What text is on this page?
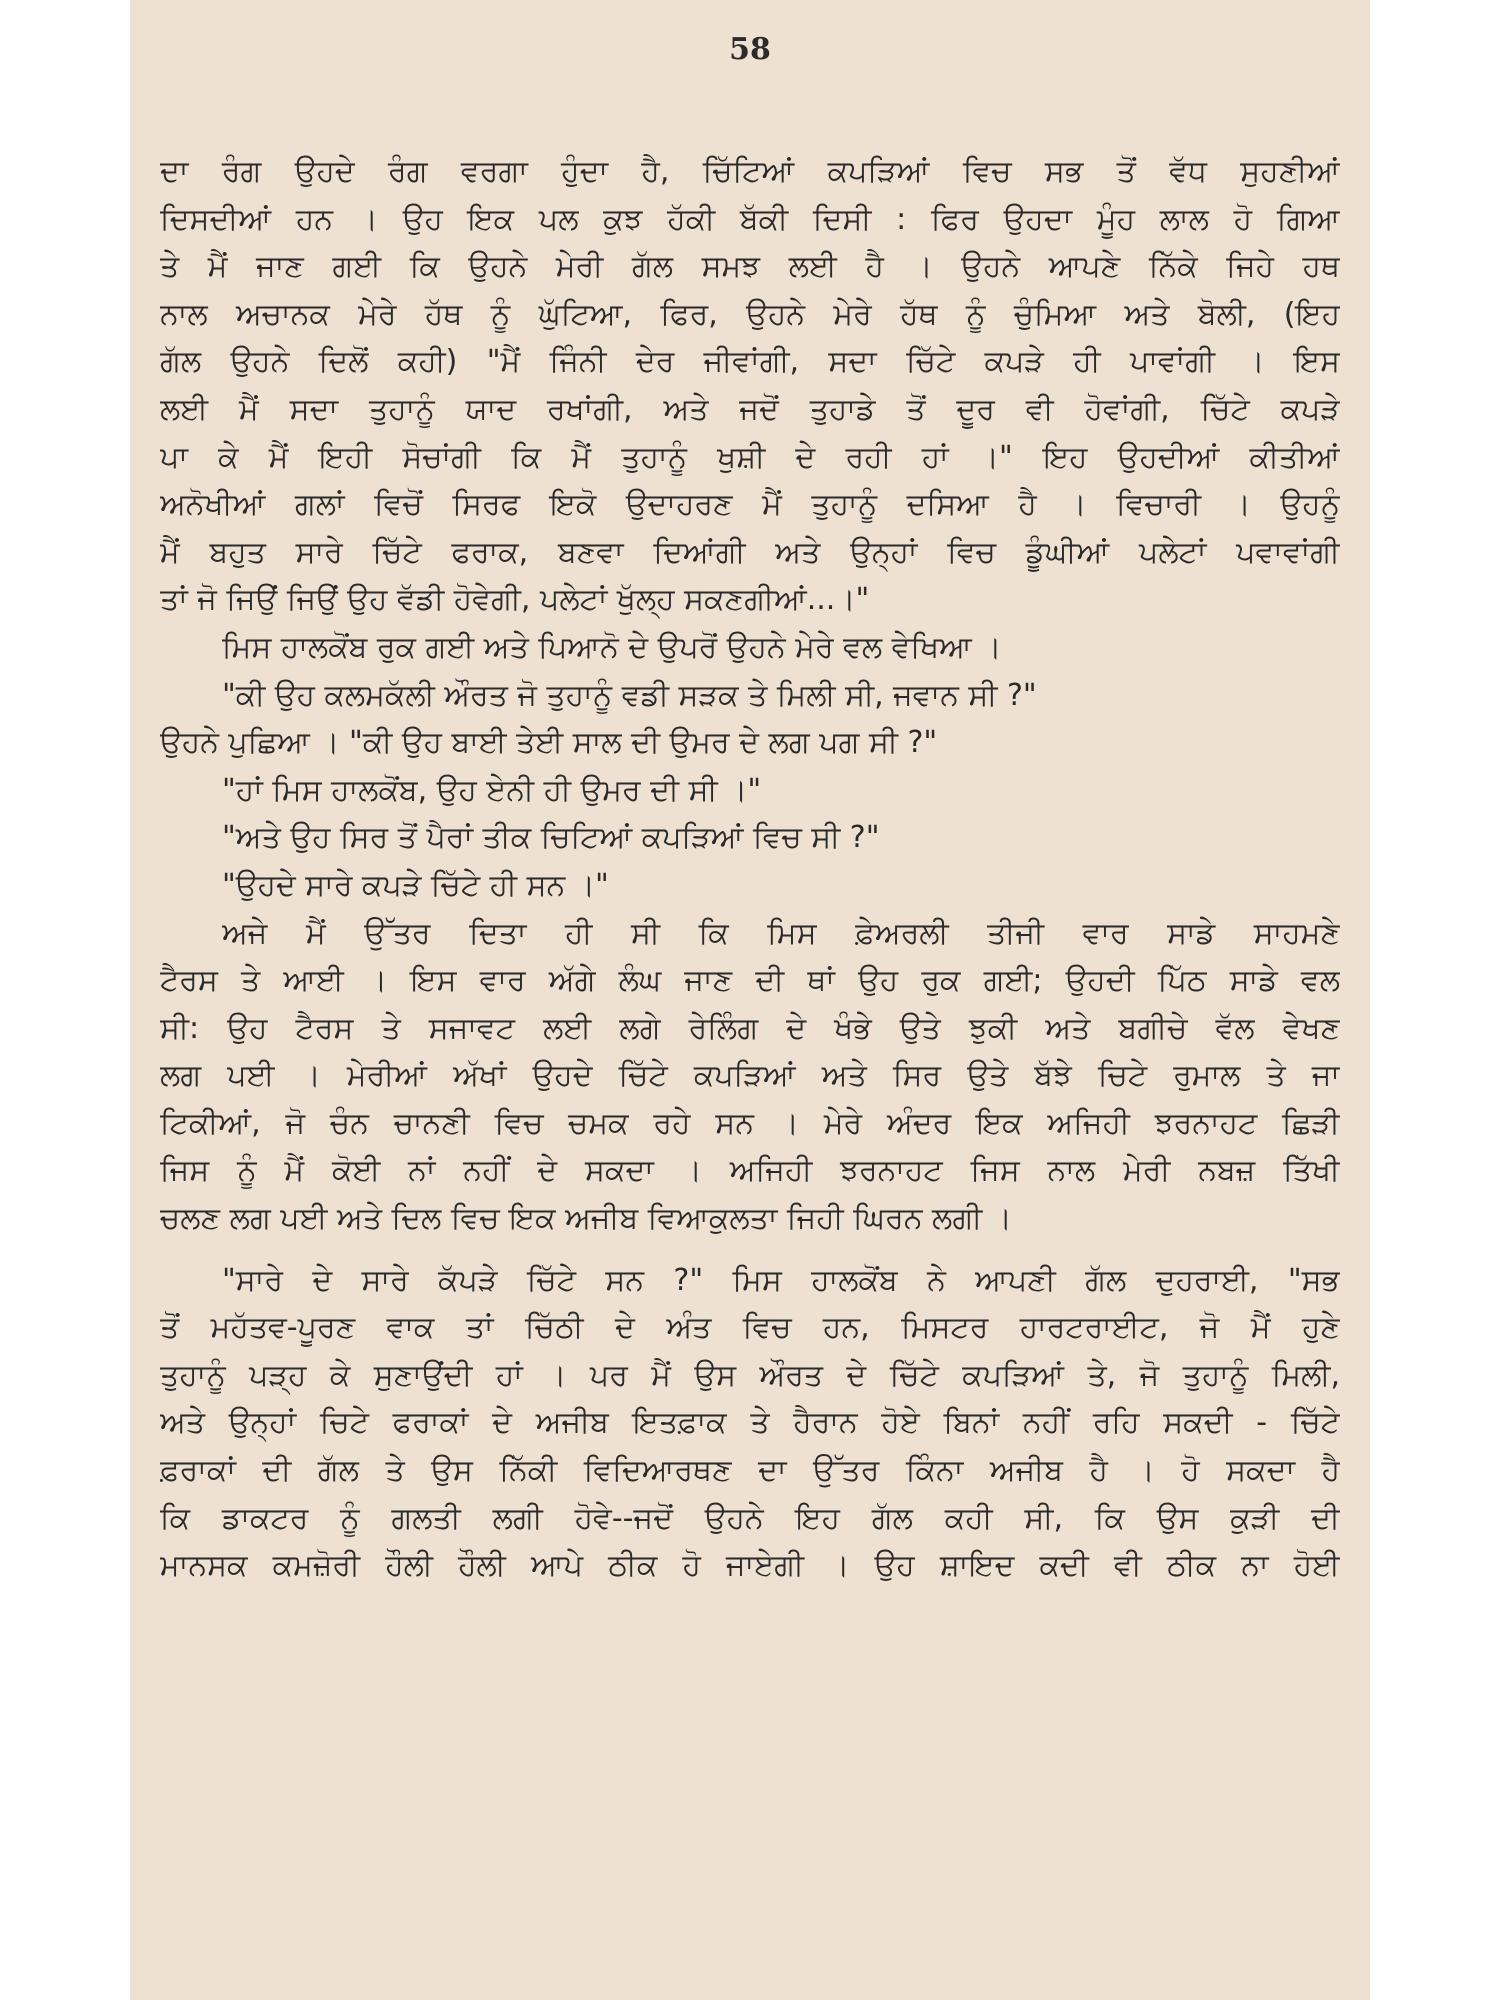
58
ਦਾ ਰੰਗ ਉਹਦੇ ਰੰਗ ਵਰਗਾ ਹੁੰਦਾ ਹੈ, ਚਿੱਟਿਆਂ ਕਪੜਿਆਂ ਵਿਚ ਸਭ ਤੋਂ ਵੱਧ ਸੁਹਣੀਆਂ
ਦਿਸਦੀਆਂ ਹਨ । ਉਹ ਇਕ ਪਲ ਕੁਝ ਹੱਕੀ ਬੱਕੀ ਦਿਸੀ : ਫਿਰ ਉਹਦਾ ਮੂੰਹ ਲਾਲ ਹੋ ਗਿਆ
ਤੇ ਮੈਂ ਜਾਣ ਗਈ ਕਿ ਉਹਨੇ ਮੇਰੀ ਗੱਲ ਸਮਝ ਲਈ ਹੈ । ਉਹਨੇ ਆਪਣੇ ਨਿੱਕੇ ਜਿਹੇ ਹਥ
ਨਾਲ ਅਚਾਨਕ ਮੇਰੇ ਹੱਥ ਨੂੰ ਘੁੱਟਿਆ, ਫਿਰ, ਉਹਨੇ ਮੇਰੇ ਹੱਥ ਨੂੰ ਚੁੰਮਿਆ ਅਤੇ ਬੋਲੀ, (ਇਹ
ਗੱਲ ਉਹਨੇ ਦਿਲੋਂ ਕਹੀ) "ਮੈਂ ਜਿੰਨੀ ਦੇਰ ਜੀਵਾਂਗੀ, ਸਦਾ ਚਿੱਟੇ ਕਪੜੇ ਹੀ ਪਾਵਾਂਗੀ । ਇਸ
ਲਈ ਮੈਂ ਸਦਾ ਤੁਹਾਨੂੰ ਯਾਦ ਰਖਾਂਗੀ, ਅਤੇ ਜਦੋਂ ਤੁਹਾਡੇ ਤੋਂ ਦੂਰ ਵੀ ਹੋਵਾਂਗੀ, ਚਿੱਟੇ ਕਪੜੇ
ਪਾ ਕੇ ਮੈਂ ਇਹੀ ਸੋਚਾਂਗੀ ਕਿ ਮੈਂ ਤੁਹਾਨੂੰ ਖੁਸ਼ੀ ਦੇ ਰਹੀ ਹਾਂ ।" ਇਹ ਉਹਦੀਆਂ ਕੀਤੀਆਂ
ਅਨੋਖੀਆਂ ਗਲਾਂ ਵਿਚੋਂ ਸਿਰਫ ਇਕੋ ਉਦਾਹਰਣ ਮੈਂ ਤੁਹਾਨੂੰ ਦਸਿਆ ਹੈ । ਵਿਚਾਰੀ । ਉਹਨੂੰ
ਮੈਂ ਬਹੁਤ ਸਾਰੇ ਚਿੱਟੇ ਫਰਾਕ, ਬਣਵਾ ਦਿਆਂਗੀ ਅਤੇ ਉਨ੍ਹਾਂ ਵਿਚ ਡੂੰਘੀਆਂ ਪਲੇਟਾਂ ਪਵਾਵਾਂਗੀ
ਤਾਂ ਜੋ ਜਿਉਂ ਜਿਉਂ ਉਹ ਵੱਡੀ ਹੋਵੇਗੀ, ਪਲੇਟਾਂ ਖੁੱਲ੍ਹ ਸਕਣਗੀਆਂ...।"
ਮਿਸ ਹਾਲਕੋਂਬ ਰੁਕ ਗਈ ਅਤੇ ਪਿਆਨੋ ਦੇ ਉਪਰੋਂ ਉਹਨੇ ਮੇਰੇ ਵਲ ਵੇਖਿਆ ।
"ਕੀ ਉਹ ਕਲਮਕੱਲੀ ਔਰਤ ਜੋ ਤੁਹਾਨੂੰ ਵਡੀ ਸੜਕ ਤੇ ਮਿਲੀ ਸੀ, ਜਵਾਨ ਸੀ ?"
ਉਹਨੇ ਪੁਛਿਆ । "ਕੀ ਉਹ ਬਾਈ ਤੇਈ ਸਾਲ ਦੀ ਉਮਰ ਦੇ ਲਗ ਪਗ ਸੀ ?"
"ਹਾਂ ਮਿਸ ਹਾਲਕੋਂਬ, ਉਹ ਏਨੀ ਹੀ ਉਮਰ ਦੀ ਸੀ ।"
"ਅਤੇ ਉਹ ਸਿਰ ਤੋਂ ਪੈਰਾਂ ਤੀਕ ਚਿਟਿਆਂ ਕਪੜਿਆਂ ਵਿਚ ਸੀ ?"
"ਉਹਦੇ ਸਾਰੇ ਕਪੜੇ ਚਿੱਟੇ ਹੀ ਸਨ ।"
ਅਜੇ ਮੈਂ ਉੱਤਰ ਦਿਤਾ ਹੀ ਸੀ ਕਿ ਮਿਸ ਫ਼ੇਅਰਲੀ ਤੀਜੀ ਵਾਰ ਸਾਡੇ ਸਾਹਮਣੇ
ਟੈਰਸ ਤੇ ਆਈ । ਇਸ ਵਾਰ ਅੱਗੇ ਲੰਘ ਜਾਣ ਦੀ ਥਾਂ ਉਹ ਰੁਕ ਗਈ; ਉਹਦੀ ਪਿੱਠ ਸਾਡੇ ਵਲ
ਸੀ: ਉਹ ਟੈਰਸ ਤੇ ਸਜਾਵਟ ਲਈ ਲਗੇ ਰੇਲਿੰਗ ਦੇ ਖੰਭੇ ਉਤੇ ਝੁਕੀ ਅਤੇ ਬਗੀਚੇ ਵੱਲ ਵੇਖਣ
ਲਗ ਪਈ । ਮੇਰੀਆਂ ਅੱਖਾਂ ਉਹਦੇ ਚਿੱਟੇ ਕਪੜਿਆਂ ਅਤੇ ਸਿਰ ਉਤੇ ਬੱਝੇ ਚਿਟੇ ਰੁਮਾਲ ਤੇ ਜਾ
ਟਿਕੀਆਂ, ਜੋ ਚੰਨ ਚਾਨਣੀ ਵਿਚ ਚਮਕ ਰਹੇ ਸਨ । ਮੇਰੇ ਅੰਦਰ ਇਕ ਅਜਿਹੀ ਝਰਨਾਹਟ ਛਿੜੀ
ਜਿਸ ਨੂੰ ਮੈਂ ਕੋਈ ਨਾਂ ਨਹੀਂ ਦੇ ਸਕਦਾ । ਅਜਿਹੀ ਝਰਨਾਹਟ ਜਿਸ ਨਾਲ ਮੇਰੀ ਨਬਜ਼ ਤਿੱਖੀ
ਚਲਣ ਲਗ ਪਈ ਅਤੇ ਦਿਲ ਵਿਚ ਇਕ ਅਜੀਬ ਵਿਆਕੁਲਤਾ ਜਿਹੀ ਘਿਰਨ ਲਗੀ ।
"ਸਾਰੇ ਦੇ ਸਾਰੇ ਕੱਪੜੇ ਚਿੱਟੇ ਸਨ ?" ਮਿਸ ਹਾਲਕੋਂਬ ਨੇ ਆਪਣੀ ਗੱਲ ਦੁਹਰਾਈ, "ਸਭ
ਤੋਂ ਮਹੱਤਵ-ਪੂਰਣ ਵਾਕ ਤਾਂ ਚਿੱਠੀ ਦੇ ਅੰਤ ਵਿਚ ਹਨ, ਮਿਸਟਰ ਹਾਰਟਰਾਈਟ, ਜੋ ਮੈਂ ਹੁਣੇ
ਤੁਹਾਨੂੰ ਪੜ੍ਹ ਕੇ ਸੁਣਾਉਂਦੀ ਹਾਂ । ਪਰ ਮੈਂ ਉਸ ਔਰਤ ਦੇ ਚਿੱਟੇ ਕਪੜਿਆਂ ਤੇ, ਜੋ ਤੁਹਾਨੂੰ ਮਿਲੀ,
ਅਤੇ ਉਨ੍ਹਾਂ ਚਿਟੇ ਫਰਾਕਾਂ ਦੇ ਅਜੀਬ ਇਤਫ਼ਾਕ ਤੇ ਹੈਰਾਨ ਹੋਏ ਬਿਨਾਂ ਨਹੀਂ ਰਹਿ ਸਕਦੀ - ਚਿੱਟੇ
ਫ਼ਰਾਕਾਂ ਦੀ ਗੱਲ ਤੇ ਉਸ ਨਿੱਕੀ ਵਿਦਿਆਰਥਣ ਦਾ ਉੱਤਰ ਕਿੰਨਾ ਅਜੀਬ ਹੈ । ਹੋ ਸਕਦਾ ਹੈ
ਕਿ ਡਾਕਟਰ ਨੂੰ ਗਲਤੀ ਲਗੀ ਹੋਵੇ--ਜਦੋਂ ਉਹਨੇ ਇਹ ਗੱਲ ਕਹੀ ਸੀ, ਕਿ ਉਸ ਕੁੜੀ ਦੀ
ਮਾਨਸਕ ਕਮਜ਼ੋਰੀ ਹੌਲੀ ਹੌਲੀ ਆਪੇ ਠੀਕ ਹੋ ਜਾਏਗੀ । ਉਹ ਸ਼ਾਇਦ ਕਦੀ ਵੀ ਠੀਕ ਨਾ ਹੋਈ
